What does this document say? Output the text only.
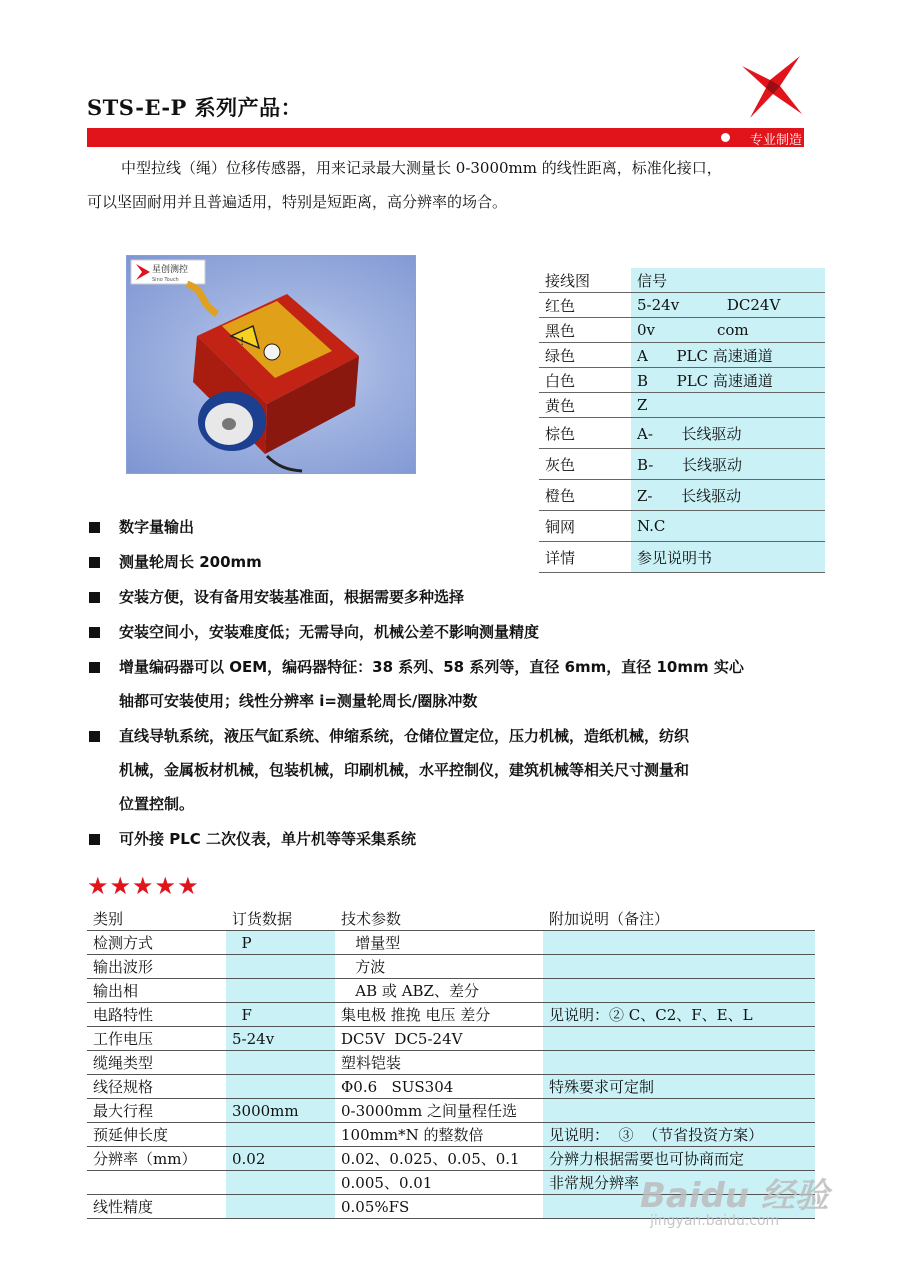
STS-E-P 系列产品：
专业制造
中型拉线（绳）位移传感器，用来记录最大测量长 0-3000mm 的线性距离，标准化接口，
可以坚固耐用并且普遍适用，特别是短距离，高分辨率的场合。
星创测控
Sino Touch
!
接线图	信号
红色	5-24v          DC24V
黑色	0v             com
绿色	A      PLC 高速通道
白色	B      PLC 高速通道
黄色	Z
棕色	A-      长线驱动
灰色	B-      长线驱动
橙色	Z-      长线驱动
铜网	N.C
详情	参见说明书
数字量输出
测量轮周长 200mm
安装方便，设有备用安装基准面，根据需要多种选择
安装空间小，安装难度低；无需导向，机械公差不影响测量精度
增量编码器可以 OEM，编码器特征：38 系列、58 系列等，直径 6mm，直径 10mm 实心
轴都可安装使用；线性分辨率 i=测量轮周长/圈脉冲数
直线导轨系统，液压气缸系统、伸缩系统，仓储位置定位，压力机械，造纸机械，纺织
机械，金属板材机械，包装机械，印刷机械，水平控制仪，建筑机械等相关尺寸测量和
位置控制。
可外接 PLC 二次仪表，单片机等等采集系统
★★★★★
类别	订货数据	技术参数	附加说明（备注）
检测方式	P	增量型	
输出波形		方波	
输出相		AB 或 ABZ、差分	
电路特性	F	集电极 推挽 电压 差分	见说明：② C、C2、F、E、L
工作电压	5-24v	DC5V  DC5-24V	
缆绳类型		塑料铠装	
线径规格		Φ0.6   SUS304	特殊要求可定制
最大行程	3000mm	0-3000mm 之间量程任选	
预延伸长度		100mm*N 的整数倍	见说明：  ③  （节省投资方案）
分辨率（mm）	0.02	0.02、0.025、0.05、0.1	分辨力根据需要也可协商而定
		0.005、0.01	非常规分辨率
线性精度		0.05%FS		Baidu 经验
jingyan.baidu.com
